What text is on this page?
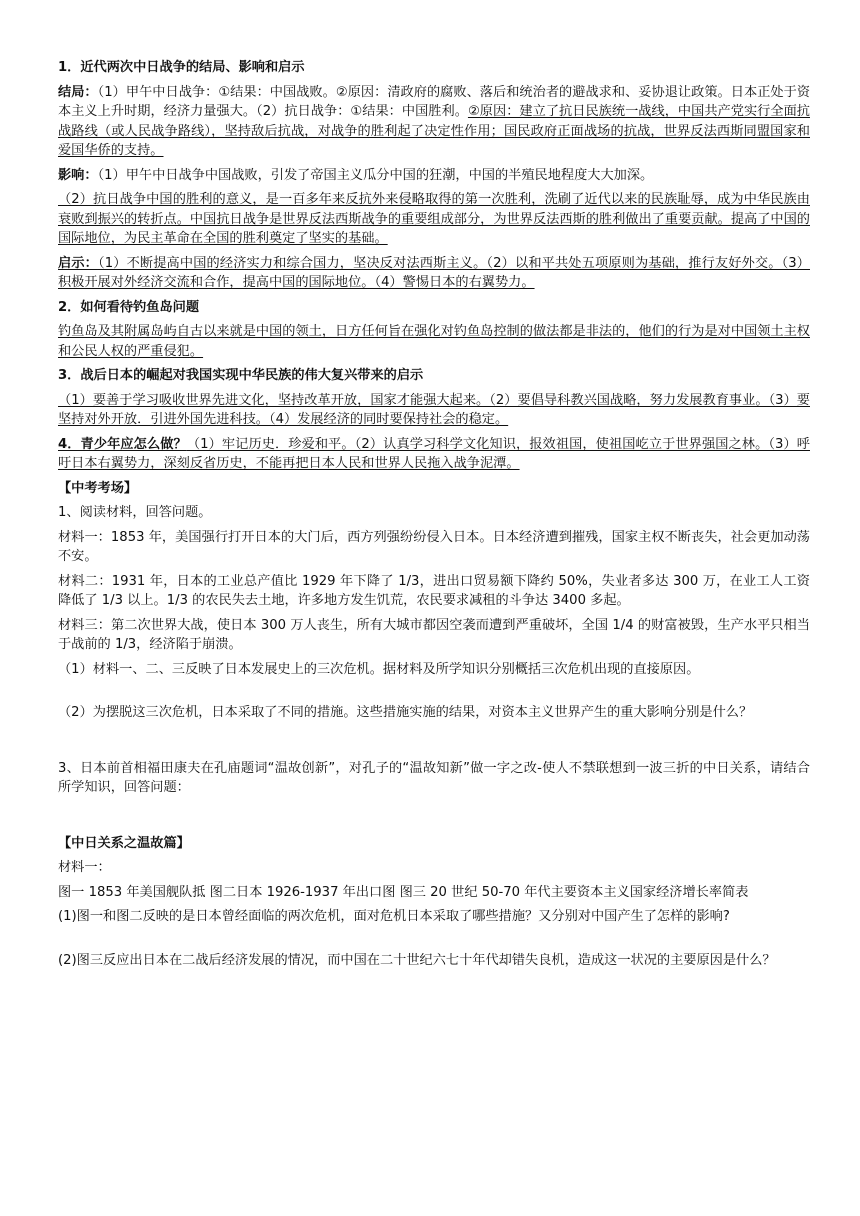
1．近代两次中日战争的结局、影响和启示

结局：（1）甲午中日战争：①结果：中国战败。②原因：清政府的腐败、落后和统治者的避战求和、妥协退让政策。日本正处于资本主义上升时期，经济力量强大。（2）抗日战争：①结果：中国胜利。②原因：建立了抗日民族统一战线，中国共产党实行全面抗战路线（或人民战争路线），坚持敌后抗战，对战争的胜利起了决定性作用；国民政府正面战场的抗战，世界反法西斯同盟国家和爱国华侨的支持。

影响：（1）甲午中日战争中国战败，引发了帝国主义瓜分中国的狂潮，中国的半殖民地程度大大加深。

（2）抗日战争中国的胜利的意义，是一百多年来反抗外来侵略取得的第一次胜利，洗刷了近代以来的民族耻辱，成为中华民族由衰败到振兴的转折点。中国抗日战争是世界反法西斯战争的重要组成部分，为世界反法西斯的胜利做出了重要贡献。提高了中国的国际地位，为民主革命在全国的胜利奠定了坚实的基础。

启示：（1）不断提高中国的经济实力和综合国力，坚决反对法西斯主义。（2）以和平共处五项原则为基础，推行友好外交。（3）积极开展对外经济交流和合作，提高中国的国际地位。（4）警惕日本的右翼势力。

2．如何看待钓鱼岛问题

钓鱼岛及其附属岛屿自古以来就是中国的领土，日方任何旨在强化对钓鱼岛控制的做法都是非法的，他们的行为是对中国领土主权和公民人权的严重侵犯。

3．战后日本的崛起对我国实现中华民族的伟大复兴带来的启示

（1）要善于学习吸收世界先进文化，坚持改革开放，国家才能强大起来。（2）要倡导科教兴国战略，努力发展教育事业。（3）要坚持对外开放．引进外国先进科技。（4）发展经济的同时要保持社会的稳定。

4．青少年应怎么做？（1）牢记历史．珍爱和平。（2）认真学习科学文化知识，报效祖国，使祖国屹立于世界强国之林。（3）呼吁日本右翼势力，深刻反省历史，不能再把日本人民和世界人民拖入战争泥潭。

【中考考场】

1、阅读材料，回答问题。

材料一：1853 年，美国强行打开日本的大门后，西方列强纷纷侵入日本。日本经济遭到摧残，国家主权不断丧失，社会更加动荡不安。

材料二：1931 年，日本的工业总产值比 1929 年下降了 1/3，进出口贸易额下降约 50%，失业者多达 300 万，在业工人工资降低了 1/3 以上。1/3 的农民失去土地，许多地方发生饥荒，农民要求减租的斗争达 3400 多起。

材料三：第二次世界大战，使日本 300 万人丧生，所有大城市都因空袭而遭到严重破坏，全国 1/4 的财富被毁，生产水平只相当于战前的 1/3，经济陷于崩溃。

（1）材料一、二、三反映了日本发展史上的三次危机。据材料及所学知识分别概括三次危机出现的直接原因。

（2）为摆脱这三次危机，日本采取了不同的措施。这些措施实施的结果，对资本主义世界产生的重大影响分别是什么？

3、日本前首相福田康夫在孔庙题词“温故创新”，对孔子的“温故知新”做一字之改-使人不禁联想到一波三折的中日关系，请结合所学知识，回答问题：

【中日关系之温故篇】

材料一：

图一 1853 年美国舰队抵 图二日本 1926-1937 年出口图 图三 20 世纪 50-70 年代主要资本主义国家经济增长率简表

(1)图一和图二反映的是日本曾经面临的两次危机，面对危机日本采取了哪些措施？又分别对中国产生了怎样的影响?

(2)图三反应出日本在二战后经济发展的情况，而中国在二十世纪六七十年代却错失良机，造成这一状况的主要原因是什么？
